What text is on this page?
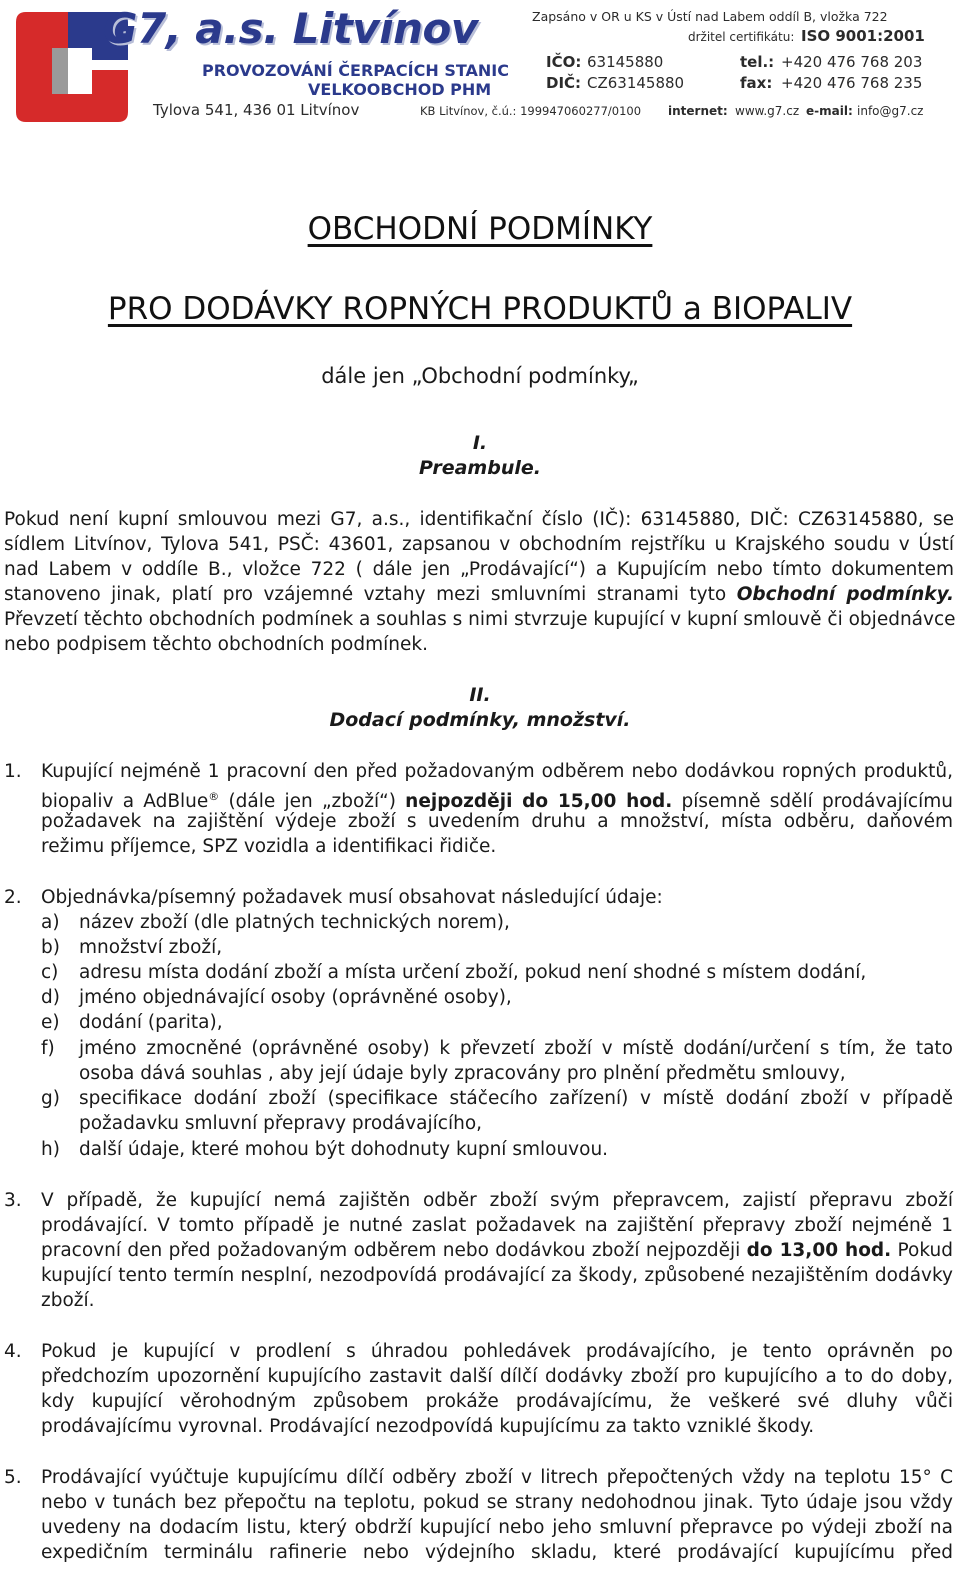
G7, a.s. Litvínov
PROVOZOVÁNÍ ČERPACÍCH STANIC
VELKOOBCHOD PHM
Tylova 541, 436 01 Litvínov	KB Litvínov, č.ú.: 19994706027​7/0100
Zapsáno v OR u KS v Ústí nad Labem oddíl B, vložka 722
držitel certifikátu: ISO 9001:2001
IČO: 63145880
DIČ: CZ63145880
tel.: +420 476 768 203
fax: +420 476 768 235
internet: www.g7.cz e-mail: info@g7.cz
OBCHODNÍ PODMÍNKY
PRO DODÁVKY ROPNÝCH PRODUKTŮ a BIOPALIV
dále jen „Obchodní podmínky„
I.
Preambule.
Pokud není kupní smlouvou mezi G7, a.s., identifikační číslo (IČ): 63145880, DIČ: CZ63145880, se
sídlem Litvínov, Tylova 541, PSČ: 43601, zapsanou v obchodním rejstříku u Krajského soudu v Ústí
nad Labem v oddíle B., vložce 722 ( dále jen „Prodávající“) a Kupujícím nebo tímto dokumentem
stanoveno jinak, platí pro vzájemné vztahy mezi smluvními stranami tyto Obchodní podmínky.
Převzetí těchto obchodních podmínek a souhlas s nimi stvrzuje kupující v kupní smlouvě či objednávce
nebo podpisem těchto obchodních podmínek.
II.
Dodací podmínky, množství.
1. Kupující nejméně 1 pracovní den před požadovaným odběrem nebo dodávkou ropných produktů,
biopaliv a AdBlue® (dále jen „zboží“) nejpozději do 15,00 hod. písemně sdělí prodávajícímu
požadavek na zajištění výdeje zboží s uvedením druhu a množství, místa odběru, daňovém
režimu příjemce, SPZ vozidla a identifikaci řidiče.
2. Objednávka/písemný požadavek musí obsahovat následující údaje:
a) název zboží (dle platných technických norem),
b) množství zboží,
c) adresu místa dodání zboží a místa určení zboží, pokud není shodné s místem dodání,
d) jméno objednávající osoby (oprávněné osoby),
e) dodání (parita),
f) jméno zmocněné (oprávněné osoby) k převzetí zboží v místě dodání/určení s tím, že tato
osoba dává souhlas , aby její údaje byly zpracovány pro plnění předmětu smlouvy,
g) specifikace dodání zboží (specifikace stáčecího zařízení) v místě dodání zboží v případě
požadavku smluvní přepravy prodávajícího,
h) další údaje, které mohou být dohodnuty kupní smlouvou.
3. V případě, že kupující nemá zajištěn odběr zboží svým přepravcem, zajistí přepravu zboží
prodávající. V tomto případě je nutné zaslat požadavek na zajištění přepravy zboží nejméně 1
pracovní den před požadovaným odběrem nebo dodávkou zboží nejpozději do 13,00 hod. Pokud
kupující tento termín nesplní, nezodpovídá prodávající za škody, způsobené nezajištěním dodávky
zboží.
4. Pokud je kupující v prodlení s úhradou pohledávek prodávajícího, je tento oprávněn po
předchozím upozornění kupujícího zastavit další dílčí dodávky zboží pro kupujícího a to do doby,
kdy kupující věrohodným způsobem prokáže prodávajícímu, že veškeré své dluhy vůči
prodávajícímu vyrovnal. Prodávající nezodpovídá kupujícímu za takto vzniklé škody.
5. Prodávající vyúčtuje kupujícímu dílčí odběry zboží v litrech přepočtených vždy na teplotu 15° C
nebo v tunách bez přepočtu na teplotu, pokud se strany nedohodnou jinak. Tyto údaje jsou vždy
uvedeny na dodacím listu, který obdrží kupující nebo jeho smluvní přepravce po výdeji zboží na
expedičním terminálu rafinerie nebo výdejního skladu, které prodávající kupujícímu před
